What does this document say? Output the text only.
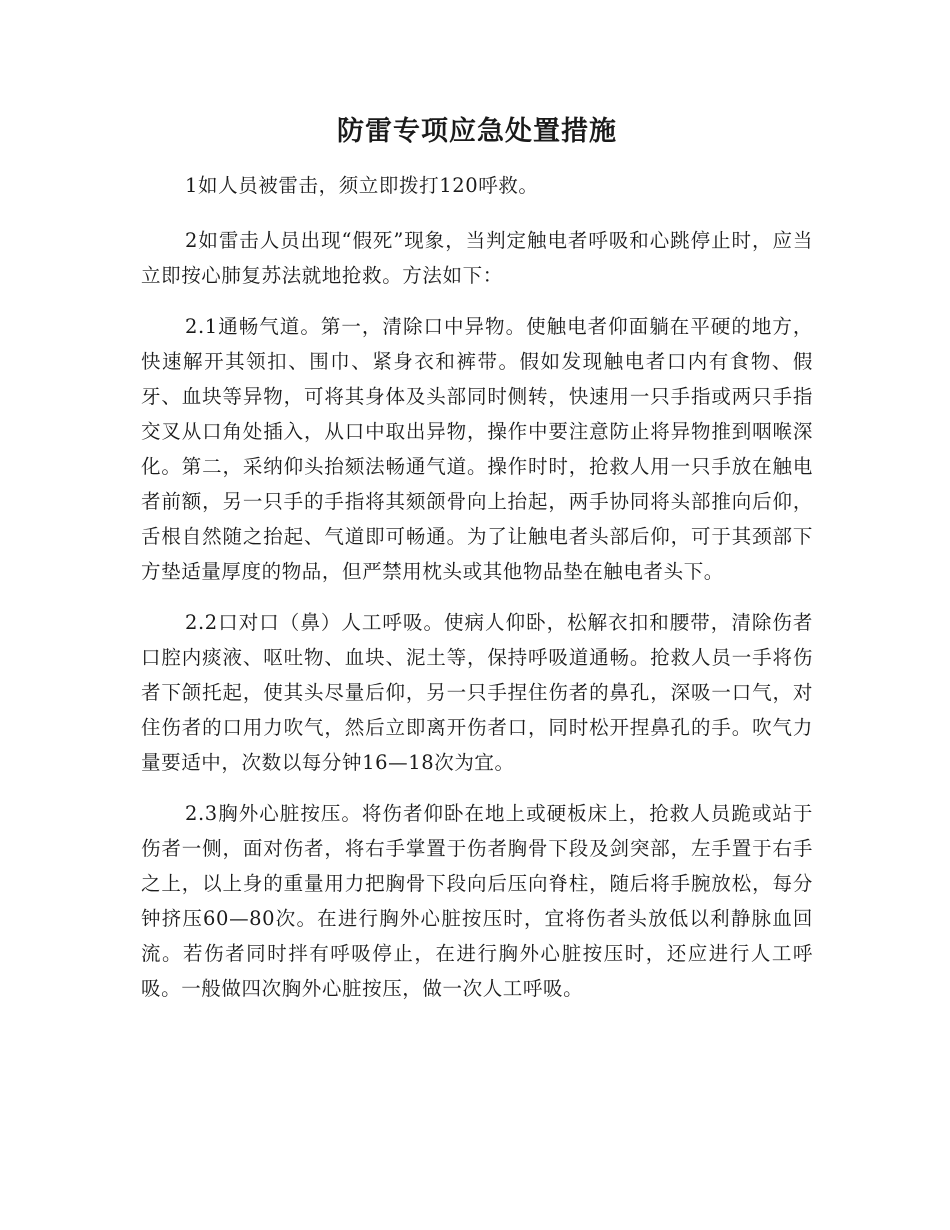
防雷专项应急处置措施

1如人员被雷击，须立即拨打120呼救。

2如雷击人员出现“假死”现象，当判定触电者呼吸和心跳停止时，应当立即按心肺复苏法就地抢救。方法如下：

2.1通畅气道。第一，清除口中异物。使触电者仰面躺在平硬的地方，快速解开其领扣、围巾、紧身衣和裤带。假如发现触电者口内有食物、假牙、血块等异物，可将其身体及头部同时侧转，快速用一只手指或两只手指交叉从口角处插入，从口中取出异物，操作中要注意防止将异物推到咽喉深化。第二，采纳仰头抬颏法畅通气道。操作时时，抢救人用一只手放在触电者前额，另一只手的手指将其颏颌骨向上抬起，两手协同将头部推向后仰，舌根自然随之抬起、气道即可畅通。为了让触电者头部后仰，可于其颈部下方垫适量厚度的物品，但严禁用枕头或其他物品垫在触电者头下。

2.2口对口（鼻）人工呼吸。使病人仰卧，松解衣扣和腰带，清除伤者口腔内痰液、呕吐物、血块、泥土等，保持呼吸道通畅。抢救人员一手将伤者下颌托起，使其头尽量后仰，另一只手捏住伤者的鼻孔，深吸一口气，对住伤者的口用力吹气，然后立即离开伤者口，同时松开捏鼻孔的手。吹气力量要适中，次数以每分钟16—18次为宜。

2.3胸外心脏按压。将伤者仰卧在地上或硬板床上，抢救人员跪或站于伤者一侧，面对伤者，将右手掌置于伤者胸骨下段及剑突部，左手置于右手之上，以上身的重量用力把胸骨下段向后压向脊柱，随后将手腕放松，每分钟挤压60—80次。在进行胸外心脏按压时，宜将伤者头放低以利静脉血回流。若伤者同时拌有呼吸停止，在进行胸外心脏按压时，还应进行人工呼吸。一般做四次胸外心脏按压，做一次人工呼吸。
